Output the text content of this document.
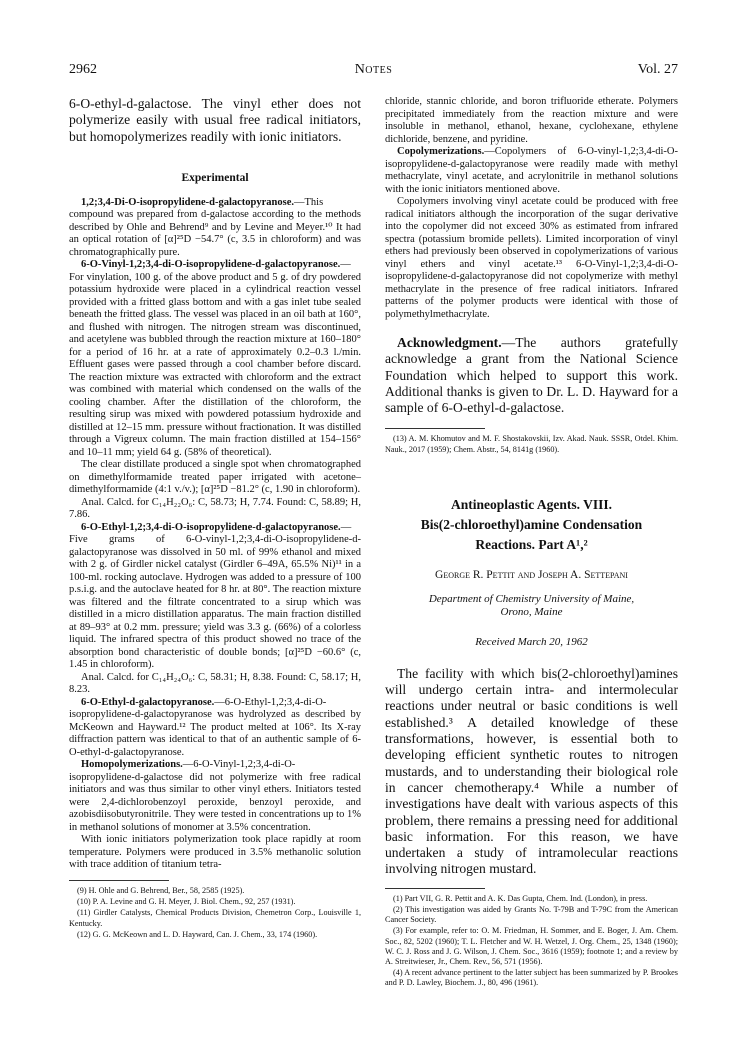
2962	Notes	Vol. 27

6-O-ethyl-d-galactose. The vinyl ether does not polymerize easily with usual free radical initiators, but homopolymerizes readily with ionic initiators.

Experimental

1,2;3,4-Di-O-isopropylidene-d-galactopyranose.—This compound was prepared from d-galactose according to the methods described by Ohle and Behrend⁹ and by Levine and Meyer.¹⁰ It had an optical rotation of [α]²⁵D −54.7° (c, 3.5 in chloroform) and was chromatographically pure.

6-O-Vinyl-1,2;3,4-di-O-isopropylidene-d-galactopyranose.—For vinylation, 100 g. of the above product and 5 g. of dry powdered potassium hydroxide were placed in a cylindrical reaction vessel provided with a fritted glass bottom and with a gas inlet tube sealed beneath the fritted glass. The vessel was placed in an oil bath at 160°, and flushed with nitrogen. The nitrogen stream was discontinued, and acetylene was bubbled through the reaction mixture at 160–180° for a period of 16 hr. at a rate of approximately 0.2–0.3 l./min. Effluent gases were passed through a cool chamber before discard. The reaction mixture was extracted with chloroform and the extract was combined with material which condensed on the walls of the cooling chamber. After the distillation of the chloroform, the resulting sirup was mixed with powdered potassium hydroxide and distilled at 12–15 mm. pressure without fractionation. It was distilled through a Vigreux column. The main fraction distilled at 154–156° and 10–11 mm; yield 64 g. (58% of theoretical).

The clear distillate produced a single spot when chromatographed on dimethylformamide treated paper irrigated with acetone–dimethylformamide (4:1 v./v.); [α]²⁵D −81.2° (c, 1.90 in chloroform).

Anal. Calcd. for C₁₄H₂₂O₆: C, 58.73; H, 7.74. Found: C, 58.89; H, 7.86.

6-O-Ethyl-1,2;3,4-di-O-isopropylidene-d-galactopyranose.—Five grams of 6-O-vinyl-1,2;3,4-di-O-isopropylidene-d-galactopyranose was dissolved in 50 ml. of 99% ethanol and mixed with 2 g. of Girdler nickel catalyst (Girdler 6–49A, 65.5% Ni)¹¹ in a 100-ml. rocking autoclave. Hydrogen was added to a pressure of 100 p.s.i.g. and the autoclave heated for 8 hr. at 80°. The reaction mixture was filtered and the filtrate concentrated to a sirup which was distilled in a micro distillation apparatus. The main fraction distilled at 89–93° at 0.2 mm. pressure; yield was 3.3 g. (66%) of a colorless liquid. The infrared spectra of this product showed no trace of the absorption bond characteristic of double bonds; [α]²⁵D −60.6° (c, 1.45 in chloroform).

Anal. Calcd. for C₁₄H₂₄O₆: C, 58.31; H, 8.38. Found: C, 58.17; H, 8.23.

6-O-Ethyl-d-galactopyranose.—6-O-Ethyl-1,2;3,4-di-O-isopropylidene-d-galactopyranose was hydrolyzed as described by McKeown and Hayward.¹² The product melted at 106°. Its X-ray diffraction pattern was identical to that of an authentic sample of 6-O-ethyl-d-galactopyranose.

Homopolymerizations.—6-O-Vinyl-1,2;3,4-di-O-isopropylidene-d-galactose did not polymerize with free radical initiators and was thus similar to other vinyl ethers. Initiators tested were 2,4-dichlorobenzoyl peroxide, benzoyl peroxide, and azobisdiisobutyronitrile. They were tested in concentrations up to 1% in methanol solutions of monomer at 3.5% concentration.

With ionic initiators polymerization took place rapidly at room temperature. Polymers were produced in 3.5% methanolic solution with trace addition of titanium tetra-

(9) H. Ohle and G. Behrend, Ber., 58, 2585 (1925).

(10) P. A. Levine and G. H. Meyer, J. Biol. Chem., 92, 257 (1931).

(11) Girdler Catalysts, Chemical Products Division, Chemetron Corp., Louisville 1, Kentucky.

(12) G. G. McKeown and L. D. Hayward, Can. J. Chem., 33, 174 (1960).

chloride, stannic chloride, and boron trifluoride etherate. Polymers precipitated immediately from the reaction mixture and were insoluble in methanol, ethanol, hexane, cyclohexane, ethylene dichloride, benzene, and pyridine.

Copolymerizations.—Copolymers of 6-O-vinyl-1,2;3,4-di-O-isopropylidene-d-galactopyranose were readily made with methyl methacrylate, vinyl acetate, and acrylonitrile in methanol solutions with the ionic initiators mentioned above.

Copolymers involving vinyl acetate could be produced with free radical initiators although the incorporation of the sugar derivative into the copolymer did not exceed 30% as estimated from infrared spectra (potassium bromide pellets). Limited incorporation of vinyl ethers had previously been observed in copolymerizations of various vinyl ethers and vinyl acetate.¹³ 6-O-Vinyl-1,2;3,4-di-O-isopropylidene-d-galactopyranose did not copolymerize with methyl methacrylate in the presence of free radical initiators. Infrared patterns of the polymer products were identical with those of polymethylmethacrylate.

Acknowledgment.—The authors gratefully acknowledge a grant from the National Science Foundation which helped to support this work. Additional thanks is given to Dr. L. D. Hayward for a sample of 6-O-ethyl-d-galactose.

(13) A. M. Khomutov and M. F. Shostakovskii, Izv. Akad. Nauk. SSSR, Otdel. Khim. Nauk., 2017 (1959); Chem. Abstr., 54, 8141g (1960).

Antineoplastic Agents. VIII.
Bis(2-chloroethyl)amine Condensation
Reactions. Part A¹,²
George R. Pettit and Joseph A. Settepani
Department of Chemistry University of Maine,
Orono, Maine
Received March 20, 1962

The facility with which bis(2-chloroethyl)amines will undergo certain intra- and intermolecular reactions under neutral or basic conditions is well established.³ A detailed knowledge of these transformations, however, is essential both to developing efficient synthetic routes to nitrogen mustards, and to understanding their biological role in cancer chemotherapy.⁴ While a number of investigations have dealt with various aspects of this problem, there remains a pressing need for additional basic information. For this reason, we have undertaken a study of intramolecular reactions involving nitrogen mustard.

(1) Part VII, G. R. Pettit and A. K. Das Gupta, Chem. Ind. (London), in press.

(2) This investigation was aided by Grants No. T-79B and T-79C from the American Cancer Society.

(3) For example, refer to: O. M. Friedman, H. Sommer, and E. Boger, J. Am. Chem. Soc., 82, 5202 (1960); T. L. Fletcher and W. H. Wetzel, J. Org. Chem., 25, 1348 (1960); W. C. J. Ross and J. G. Wilson, J. Chem. Soc., 3616 (1959); footnote 1; and a review by A. Streitwieser, Jr., Chem. Rev., 56, 571 (1956).

(4) A recent advance pertinent to the latter subject has been summarized by P. Brookes and P. D. Lawley, Biochem. J., 80, 496 (1961).
